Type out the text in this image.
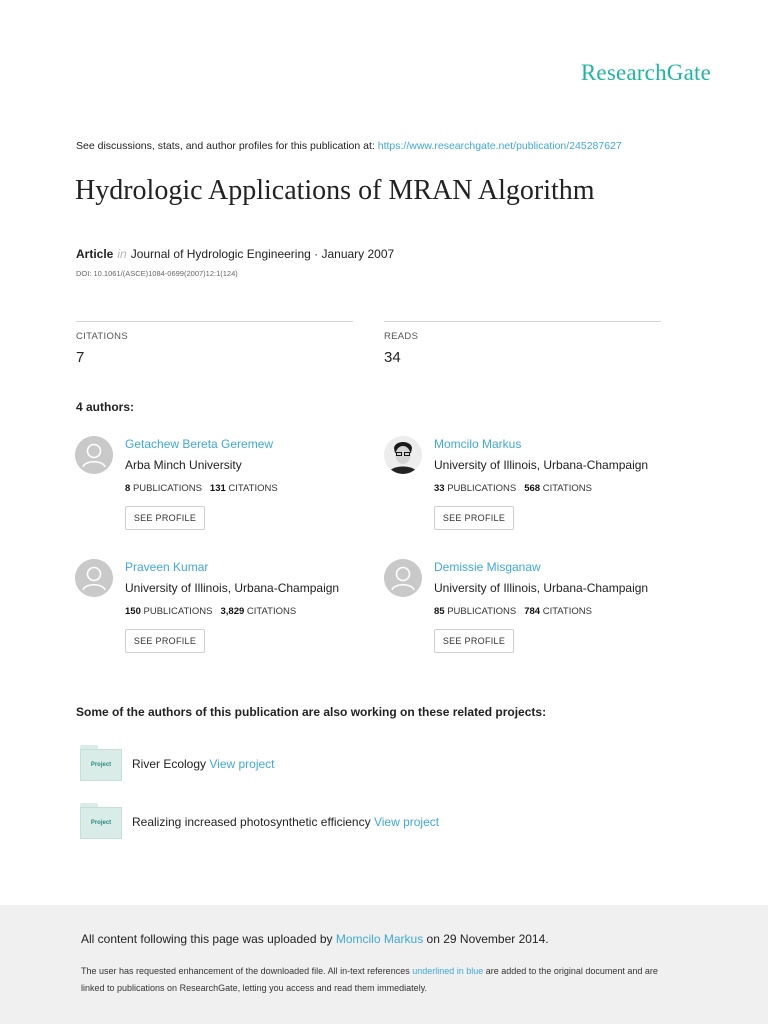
ResearchGate
See discussions, stats, and author profiles for this publication at: https://www.researchgate.net/publication/245287627
Hydrologic Applications of MRAN Algorithm
Article in Journal of Hydrologic Engineering · January 2007
DOI: 10.1061/(ASCE)1084-0699(2007)12:1(124)
CITATIONS
7
READS
34
4 authors:
Getachew Bereta Geremew
Arba Minch University
8 PUBLICATIONS 131 CITATIONS
SEE PROFILE
Momcilo Markus
University of Illinois, Urbana-Champaign
33 PUBLICATIONS 568 CITATIONS
SEE PROFILE
Praveen Kumar
University of Illinois, Urbana-Champaign
150 PUBLICATIONS 3,829 CITATIONS
SEE PROFILE
Demissie Misganaw
University of Illinois, Urbana-Champaign
85 PUBLICATIONS 784 CITATIONS
SEE PROFILE
Some of the authors of this publication are also working on these related projects:
Project River Ecology View project
Project Realizing increased photosynthetic efficiency View project
All content following this page was uploaded by Momcilo Markus on 29 November 2014.
The user has requested enhancement of the downloaded file. All in-text references underlined in blue are added to the original document and are linked to publications on ResearchGate, letting you access and read them immediately.
